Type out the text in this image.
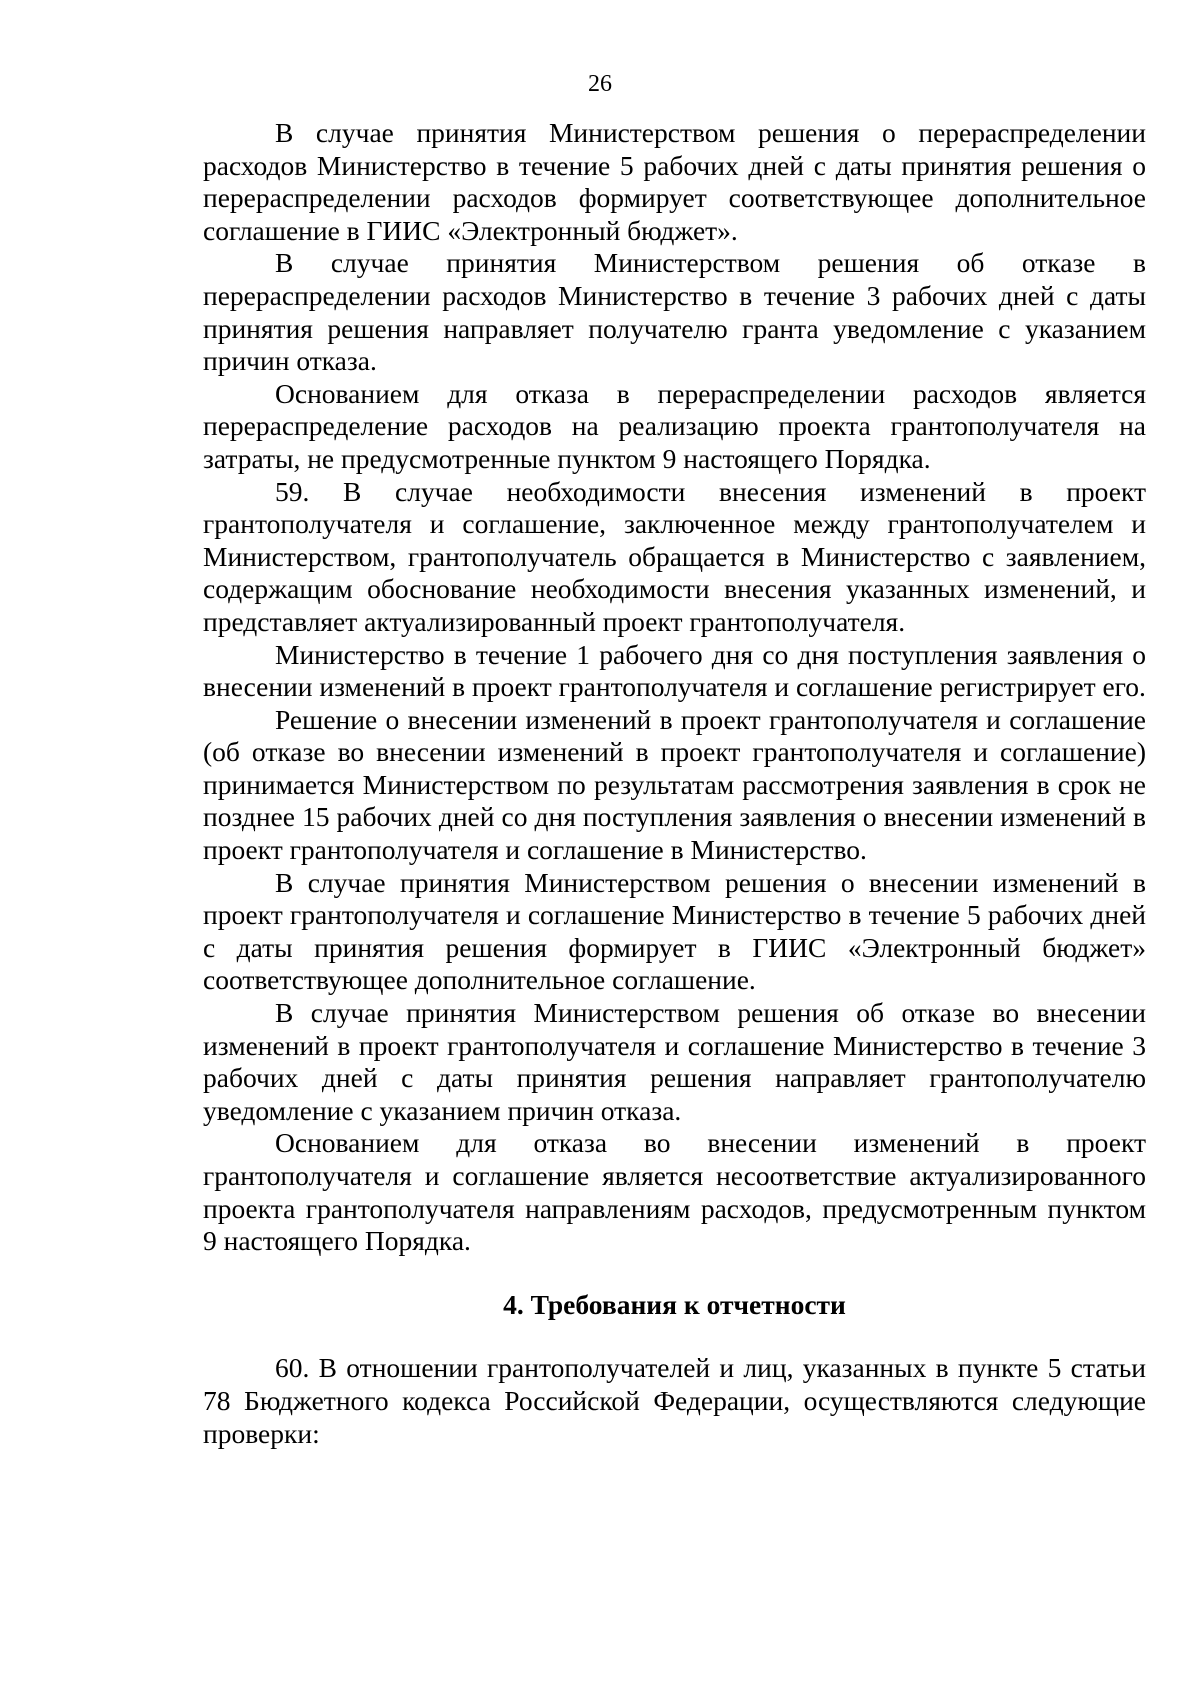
26

В случае принятия Министерством решения о перераспределении расходов Министерство в течение 5 рабочих дней с даты принятия решения о перераспределении расходов формирует соответствующее дополнительное соглашение в ГИИС «Электронный бюджет».

В случае принятия Министерством решения об отказе в перераспределении расходов Министерство в течение 3 рабочих дней с даты принятия решения направляет получателю гранта уведомление с указанием причин отказа.

Основанием для отказа в перераспределении расходов является перераспределение расходов на реализацию проекта грантополучателя на затраты, не предусмотренные пунктом 9 настоящего Порядка.

59. В случае необходимости внесения изменений в проект грантополучателя и соглашение, заключенное между грантополучателем и Министерством, грантополучатель обращается в Министерство с заявлением, содержащим обоснование необходимости внесения указанных изменений, и представляет актуализированный проект грантополучателя.

Министерство в течение 1 рабочего дня со дня поступления заявления о внесении изменений в проект грантополучателя и соглашение регистрирует его.

Решение о внесении изменений в проект грантополучателя и соглашение (об отказе во внесении изменений в проект грантополучателя и соглашение) принимается Министерством по результатам рассмотрения заявления в срок не позднее 15 рабочих дней со дня поступления заявления о внесении изменений в проект грантополучателя и соглашение в Министерство.

В случае принятия Министерством решения о внесении изменений в проект грантополучателя и соглашение Министерство в течение 5 рабочих дней с даты принятия решения формирует в ГИИС «Электронный бюджет» соответствующее дополнительное соглашение.

В случае принятия Министерством решения об отказе во внесении изменений в проект грантополучателя и соглашение Министерство в течение 3 рабочих дней с даты принятия решения направляет грантополучателю уведомление с указанием причин отказа.

Основанием для отказа во внесении изменений в проект грантополучателя и соглашение является несоответствие актуализированного проекта грантополучателя направлениям расходов, предусмотренным пунктом 9 настоящего Порядка.

4. Требования к отчетности

60. В отношении грантополучателей и лиц, указанных в пункте 5 статьи 78 Бюджетного кодекса Российской Федерации, осуществляются следующие проверки:
